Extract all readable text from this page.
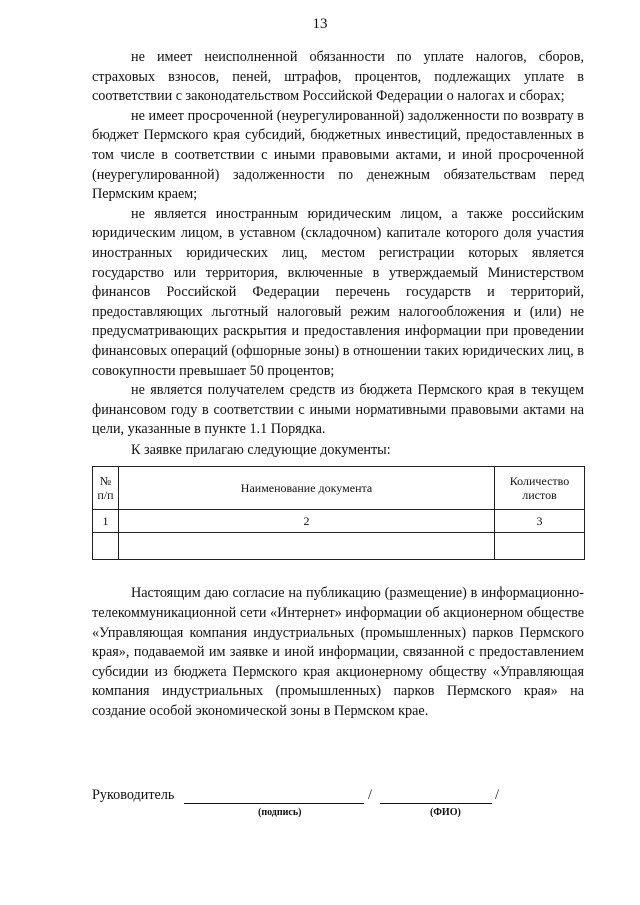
13

не имеет неисполненной обязанности по уплате налогов, сборов, страховых взносов, пеней, штрафов, процентов, подлежащих уплате в соответствии с законодательством Российской Федерации о налогах и сборах;

не имеет просроченной (неурегулированной) задолженности по возврату в бюджет Пермского края субсидий, бюджетных инвестиций, предоставленных в том числе в соответствии с иными правовыми актами, и иной просроченной (неурегулированной) задолженности по денежным обязательствам перед Пермским краем;

не является иностранным юридическим лицом, а также российским юридическим лицом, в уставном (складочном) капитале которого доля участия иностранных юридических лиц, местом регистрации которых является государство или территория, включенные в утверждаемый Министерством финансов Российской Федерации перечень государств и территорий, предоставляющих льготный налоговый режим налогообложения и (или) не предусматривающих раскрытия и предоставления информации при проведении финансовых операций (офшорные зоны) в отношении таких юридических лиц, в совокупности превышает 50 процентов;

не является получателем средств из бюджета Пермского края в текущем финансовом году в соответствии с иными нормативными правовыми актами на цели, указанные в пункте 1.1 Порядка.

К заявке прилагаю следующие документы:

№ п/п	Наименование документа	Количество листов
1	2	3

Настоящим даю согласие на публикацию (размещение) в информационно-телекоммуникационной сети «Интернет» информации об акционерном обществе «Управляющая компания индустриальных (промышленных) парков Пермского края», подаваемой им заявке и иной информации, связанной с предоставлением субсидии из бюджета Пермского края акционерному обществу «Управляющая компания индустриальных (промышленных) парков Пермского края» на создание особой экономической зоны в Пермском крае.

Руководитель	/	/
(подпись)	(ФИО)
